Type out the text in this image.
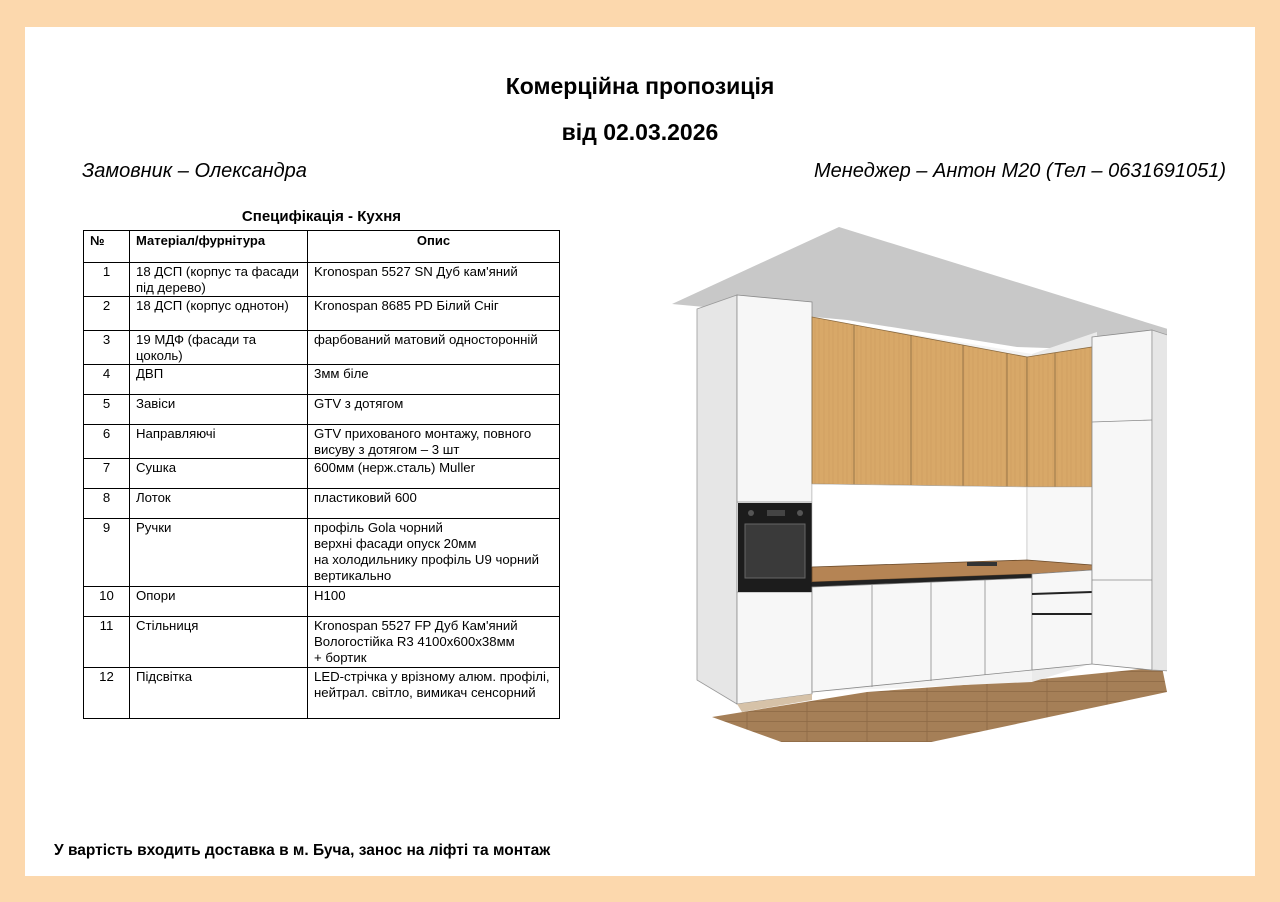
Комерційна пропозиція
від 02.03.2026
Замовник – Олександра	Менеджер – Антон М20 (Тел – 0631691051)
Специфікація - Кухня
№	Матеріал/фурнітура	Опис
1	18 ДСП (корпус та фасади під дерево)	Kronospan 5527 SN Дуб кам'яний
2	18 ДСП (корпус однотон)	Kronospan 8685 PD Білий Сніг
3	19 МДФ (фасади та цоколь)	фарбований матовий односторонній
4	ДВП	3мм біле
5	Завіси	GTV з дотягом
6	Направляючі	GTV прихованого монтажу, повного висуву з дотягом – 3 шт
7	Сушка	600мм (нерж.сталь) Muller
8	Лоток	пластиковий 600
9	Ручки	профіль Gola чорний
верхні фасади опуск 20мм
на холодильнику профіль U9 чорний вертикально
10	Опори	Н100
11	Стільниця	Kronospan 5527 FP Дуб Кам'яний Вологостійка R3 4100х600х38мм
+ бортик
12	Підсвітка	LED-стрічка у врізному алюм. профілі, нейтрал. світло, вимикач сенсорний
У вартість входить доставка в м. Буча, занос на ліфті та монтаж
